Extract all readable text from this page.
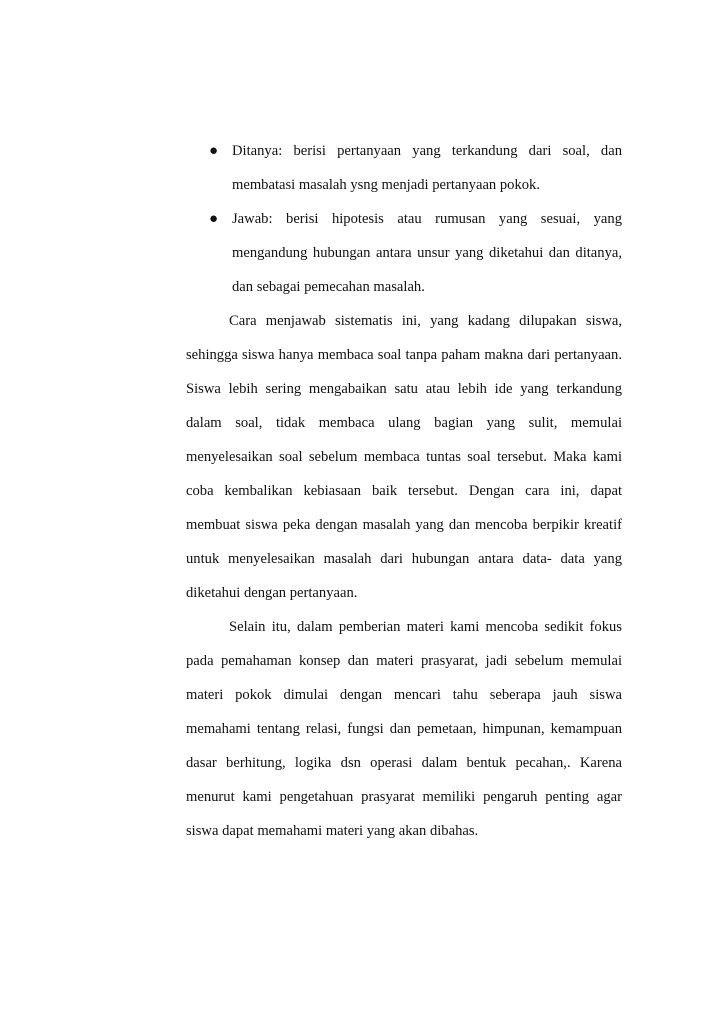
● Ditanya: berisi pertanyaan yang terkandung dari soal, dan
membatasi masalah ysng menjadi pertanyaan pokok.
● Jawab: berisi hipotesis atau rumusan yang sesuai, yang
mengandung hubungan antara unsur yang diketahui dan ditanya,
dan sebagai pemecahan masalah.
Cara menjawab sistematis ini, yang kadang dilupakan siswa,
sehingga siswa hanya membaca soal tanpa paham makna dari pertanyaan.
Siswa lebih sering mengabaikan satu atau lebih ide yang terkandung
dalam soal, tidak membaca ulang bagian yang sulit, memulai
menyelesaikan soal sebelum membaca tuntas soal tersebut. Maka kami
coba kembalikan kebiasaan baik tersebut. Dengan cara ini, dapat
membuat siswa peka dengan masalah yang dan mencoba berpikir kreatif
untuk menyelesaikan masalah dari hubungan antara data- data yang
diketahui dengan pertanyaan.
Selain itu, dalam pemberian materi kami mencoba sedikit fokus
pada pemahaman konsep dan materi prasyarat, jadi sebelum memulai
materi pokok dimulai dengan mencari tahu seberapa jauh siswa
memahami tentang relasi, fungsi dan pemetaan, himpunan, kemampuan
dasar berhitung, logika dsn operasi dalam bentuk pecahan,. Karena
menurut kami pengetahuan prasyarat memiliki pengaruh penting agar
siswa dapat memahami materi yang akan dibahas.
